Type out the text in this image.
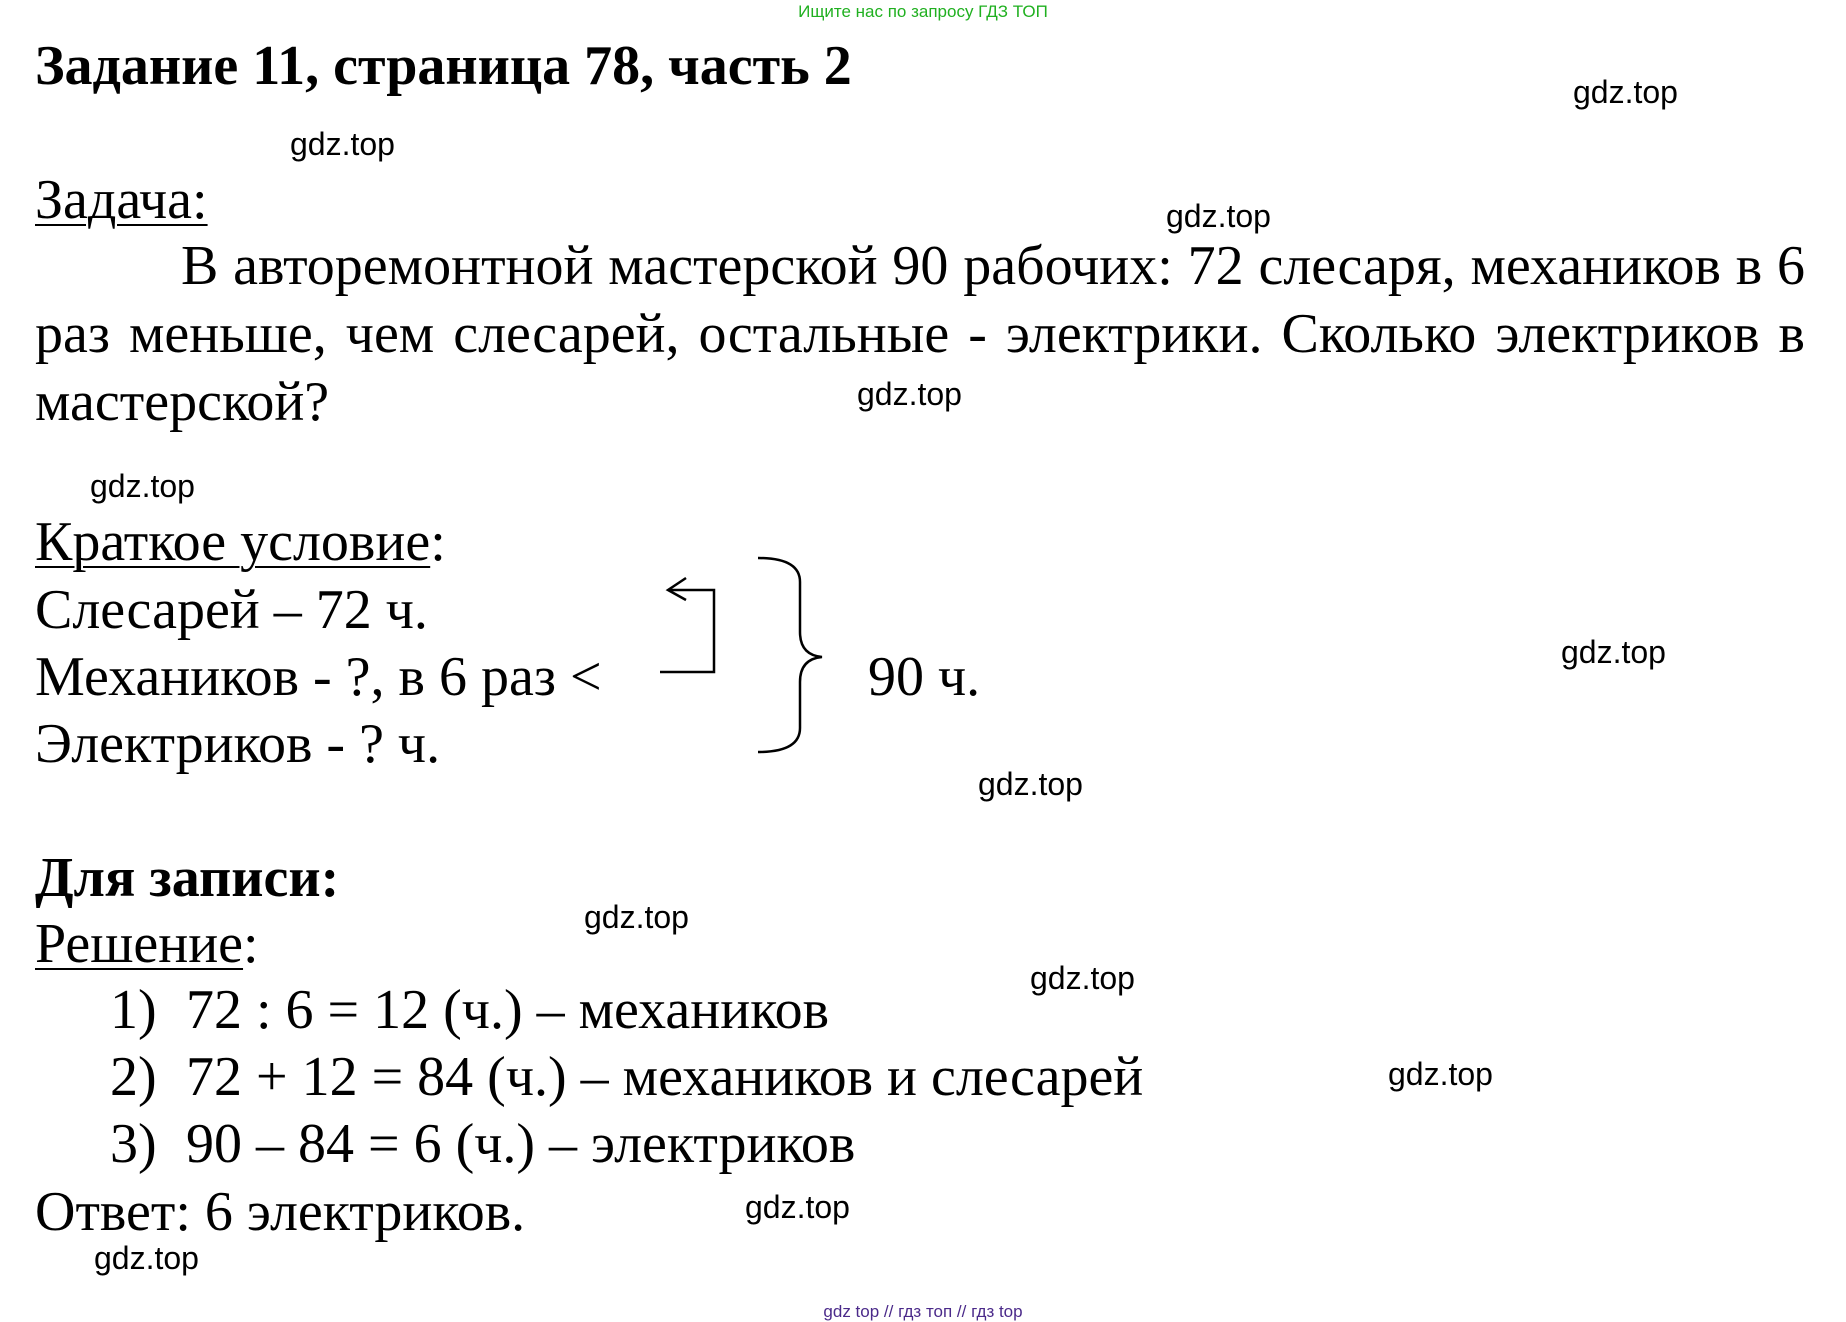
Ищите нас по запросу ГДЗ ТОП
Задание 11, страница 78, часть 2
Задача:
В авторемонтной мастерской 90 рабочих: 72 слесаря, механиков в 6 раз меньше, чем слесарей, остальные - электрики. Сколько электриков в мастерской?
Краткое условие:
Слесарей – 72 ч.
Механиков - ?, в 6 раз <
Электриков - ? ч.
90 ч.
Для записи:
Решение:
1) 72 : 6 = 12 (ч.) – механиков
2) 72 + 12 = 84 (ч.) – механиков и слесарей
3) 90 – 84 = 6 (ч.) – электриков
Ответ: 6 электриков.
gdz.top
gdz.top
gdz.top
gdz.top
gdz.top
gdz.top
gdz.top
gdz.top
gdz.top
gdz.top
gdz.top
gdz.top
gdz top // гдз топ // гдз top
